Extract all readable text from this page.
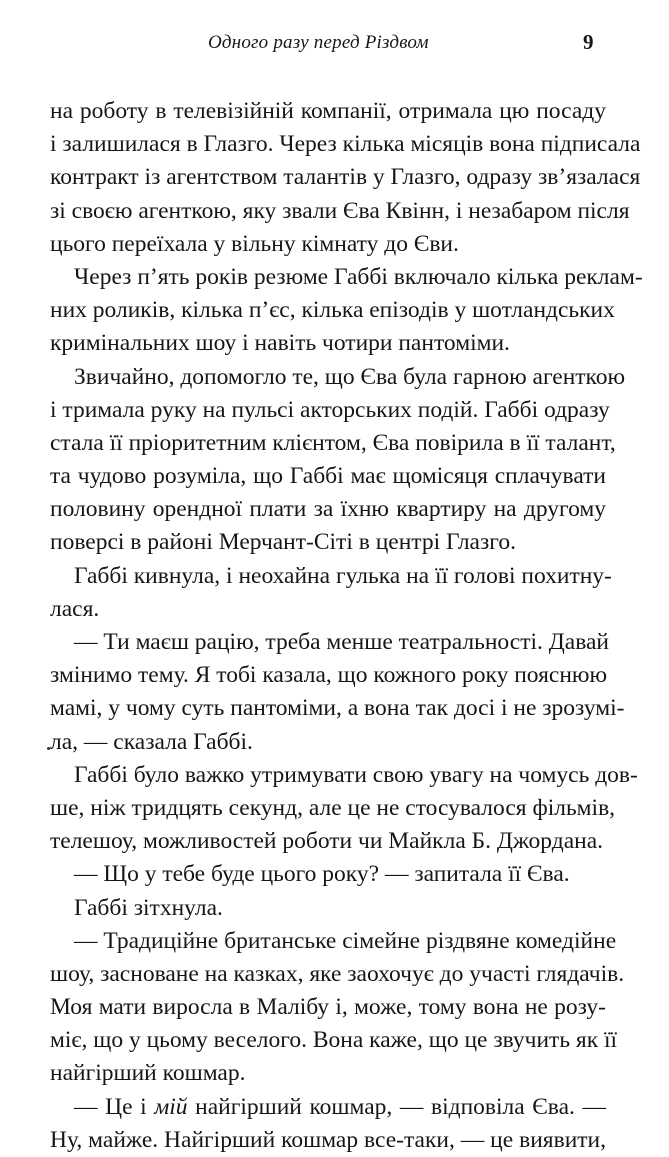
Одного разу перед Різдвом	9
на роботу в телевізійній компанії, отримала цю посаду
і залишилася в Глазго. Через кілька місяців вона підписала
контракт із агентством талантів у Глазго, одразу зв’язалася
зі своєю агенткою, яку звали Єва Квінн, і незабаром після
цього переїхала у вільну кімнату до Єви.
Через п’ять років резюме Габбі включало кілька реклам-
них роликів, кілька п’єс, кілька епізодів у шотландських
кримінальних шоу і навіть чотири пантоміми.
Звичайно, допомогло те, що Єва була гарною агенткою
і тримала руку на пульсі акторських подій. Габбі одразу
стала її пріоритетним клієнтом, Єва повірила в її талант,
та чудово розуміла, що Габбі має щомісяця сплачувати
половину орендної плати за їхню квартиру на другому
поверсі в районі Мерчант-Сіті в центрі Глазго.
Габбі кивнула, і неохайна гулька на її голові похитну-
лася.
— Ти маєш рацію, треба менше театральності. Давай
змінимо тему. Я тобі казала, що кожного року пояснюю
мамі, у чому суть пантоміми, а вона так досі і не зрозумі-
ла, — сказала Габбі.
Габбі було важко утримувати свою увагу на чомусь дов-
ше, ніж тридцять секунд, але це не стосувалося фільмів,
телешоу, можливостей роботи чи Майкла Б. Джордана.
— Що у тебе буде цього року? — запитала її Єва.
Габбі зітхнула.
— Традиційне британське сімейне різдвяне комедійне
шоу, засноване на казках, яке заохочує до участі глядачів.
Моя мати виросла в Малібу і, може, тому вона не розу-
міє, що у цьому веселого. Вона каже, що це звучить як її
найгірший кошмар.
— Це і мій найгірший кошмар, — відповіла Єва. —
Ну, майже. Найгірший кошмар все-таки, — це виявити,
